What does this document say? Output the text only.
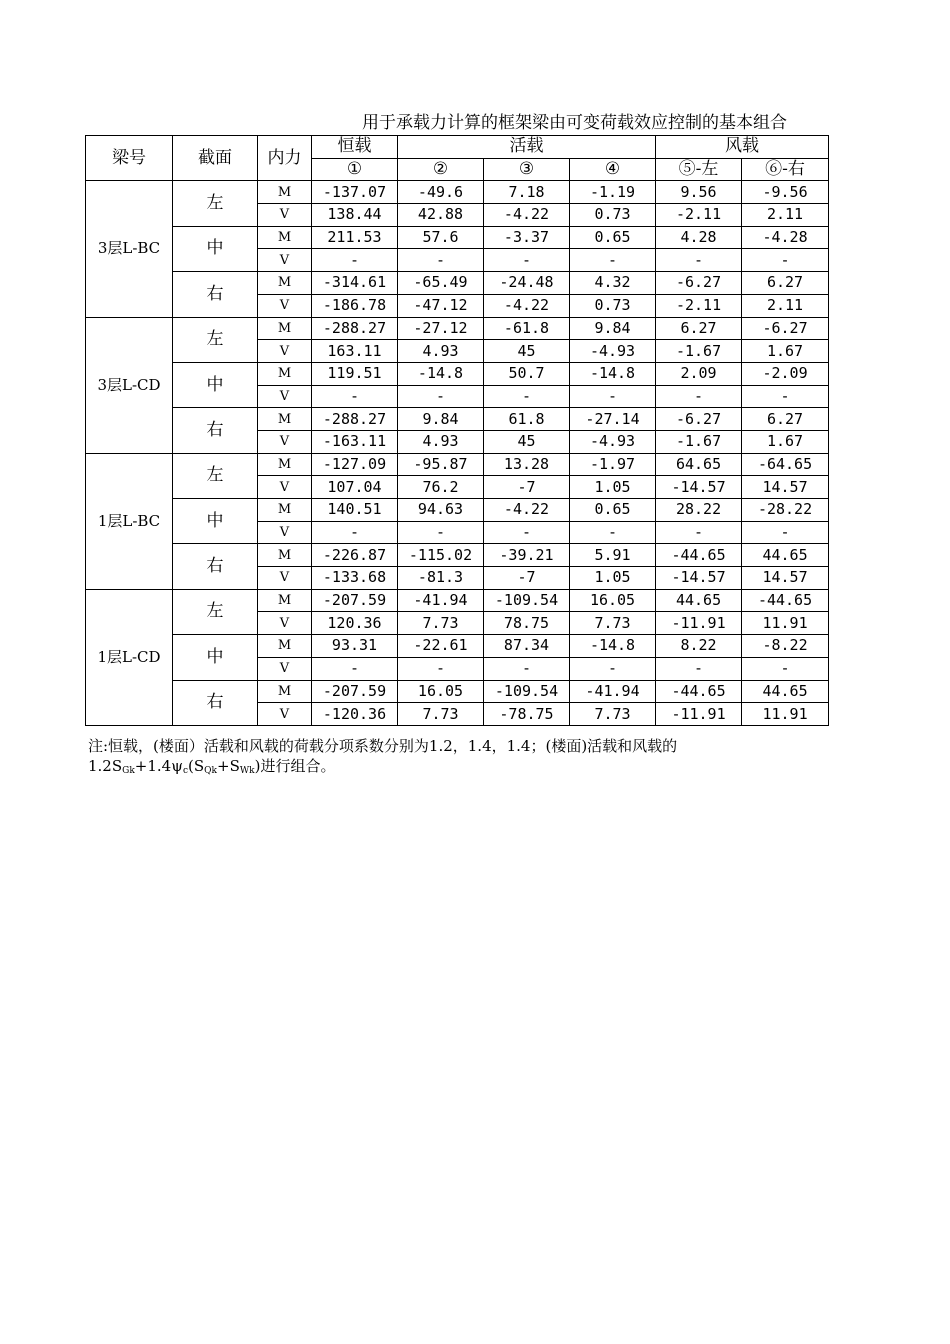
用于承载力计算的框架梁由可变荷载效应控制的基本组合
梁号	截面	内力	恒载	活载			风载	
			①	②	③	④	⑤-左	⑥-右
3层L-BC	左	M	-137.07	-49.6	7.18	-1.19	9.56	-9.56
		V	138.44	42.88	-4.22	0.73	-2.11	2.11
	中	M	211.53	57.6	-3.37	0.65	4.28	-4.28
		V	-	-	-	-	-	-
	右	M	-314.61	-65.49	-24.48	4.32	-6.27	6.27
		V	-186.78	-47.12	-4.22	0.73	-2.11	2.11
3层L-CD	左	M	-288.27	-27.12	-61.8	9.84	6.27	-6.27
		V	163.11	4.93	45	-4.93	-1.67	1.67
	中	M	119.51	-14.8	50.7	-14.8	2.09	-2.09
		V	-	-	-	-	-	-
	右	M	-288.27	9.84	61.8	-27.14	-6.27	6.27
		V	-163.11	4.93	45	-4.93	-1.67	1.67
1层L-BC	左	M	-127.09	-95.87	13.28	-1.97	64.65	-64.65
		V	107.04	76.2	-7	1.05	-14.57	14.57
	中	M	140.51	94.63	-4.22	0.65	28.22	-28.22
		V	-	-	-	-	-	-
	右	M	-226.87	-115.02	-39.21	5.91	-44.65	44.65
		V	-133.68	-81.3	-7	1.05	-14.57	14.57
1层L-CD	左	M	-207.59	-41.94	-109.54	16.05	44.65	-44.65
		V	120.36	7.73	78.75	7.73	-11.91	11.91
	中	M	93.31	-22.61	87.34	-14.8	8.22	-8.22
		V	-	-	-	-	-	-
	右	M	-207.59	16.05	-109.54	-41.94	-44.65	44.65
		V	-120.36	7.73	-78.75	7.73	-11.91	11.91
注:恒载，(楼面）活载和风载的荷载分项系数分别为1.2，1.4，1.4；(楼面)活载和风载的
$1.2S_{Gk}+1.4\psi_c(S_{Qk}+S_{Wk})$进行组合。
